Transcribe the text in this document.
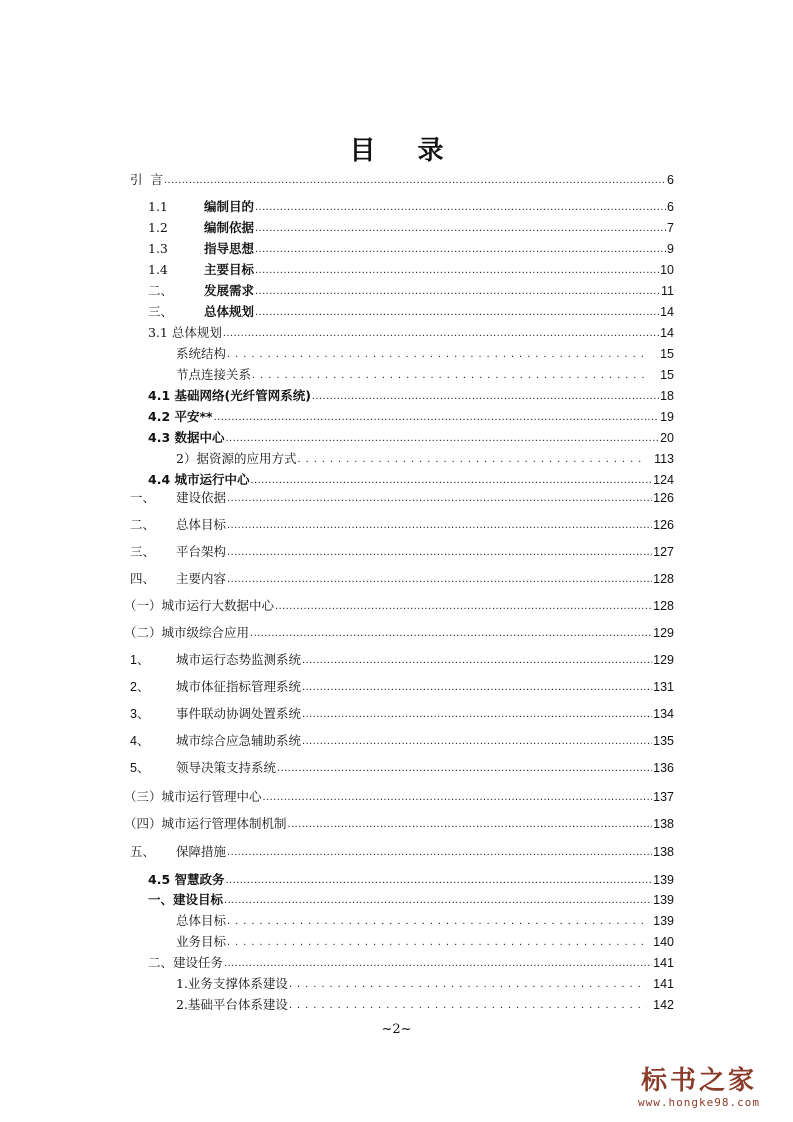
目 录
引  言 .....	6
1.1	编制目的 .....	6
1.2	编制依据 .....	7
1.3	指导思想 .....	9
1.4	主要目标 .....	10
二、	发展需求 .....	11
三、	总体规划 .....	14
3.1 总体规划 .....	14
系统结构 . . .	15
节点连接关系 . . .	15
4.1 基础网络(光纤管网系统) .....	18
4.2 平安** .....	19
4.3 数据中心 .....	20
2）据资源的应用方式 . . .	113
4.4 城市运行中心 .....	124
一、	建设依据 .....	126
二、	总体目标 .....	126
三、	平台架构 .....	127
四、	主要内容 .....	128
（一）城市运行大数据中心 .....	128
（二）城市级综合应用 .....	129
1、	城市运行态势监测系统 .....	129
2、	城市体征指标管理系统 .....	131
3、	事件联动协调处置系统 .....	134
4、	城市综合应急辅助系统 .....	135
5、	领导决策支持系统 .....	136
（三）城市运行管理中心 .....	137
（四）城市运行管理体制机制 .....	138
五、	保障措施 .....	138
4.5 智慧政务 .....	139
一、建设目标 .....	139
总体目标 . . .	139
业务目标 . . .	140
二、建设任务 .....	141
1.业务支撑体系建设 . . .	141
2.基础平台体系建设 . . .	142
~2~
标书之家
www.hongke98.com
